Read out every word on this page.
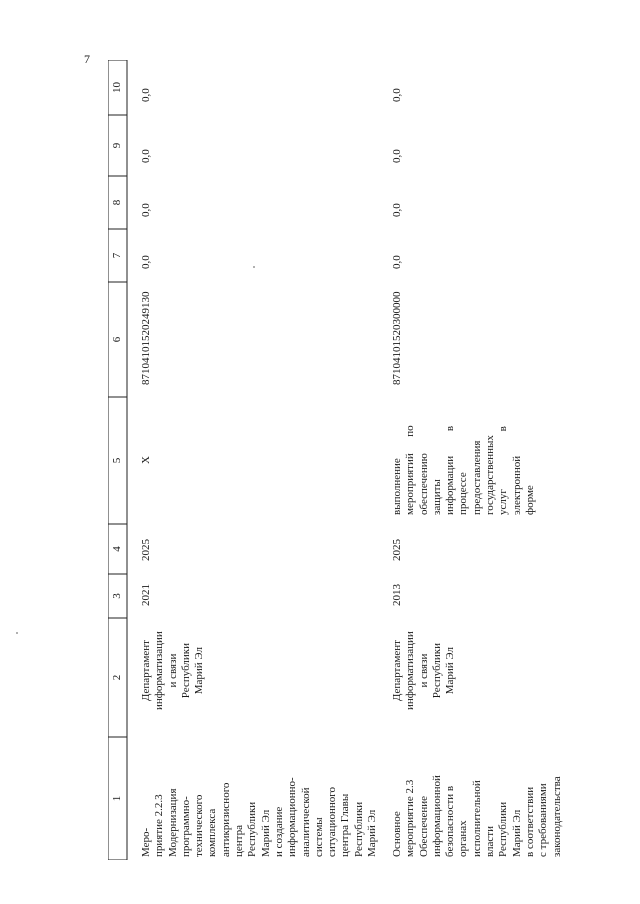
7
1
2
3
4
5
6
7
8
9
10
Меро-
приятие 2.2.3
Модернизация
программно-
технического
комплекса
антикризисного
центра
Республики
Марий Эл
и создание
информационно-
аналитической
системы
ситуационного
центра Главы
Республики
Марий Эл
Департамент
информатизации
и связи
Республики
Марий Эл
2021
2025
Х
87104101520249130
0,0
0,0
0,0
0,0
Основное
мероприятие 2.3
Обеспечение
информационной
безопасности в
органах
исполнительной
власти
Республики
Марий Эл
в соответствии
с требованиями
законодательства
Департамент
информатизации
и связи
Республики
Марий Эл
2013
2025
выполнение
мероприятий      по
обеспечению
защиты
информации         в
процессе
предоставления
государственных
услуг                     в
электронной
форме
87104101520300000
0,0
0,0
0,0
0,0
